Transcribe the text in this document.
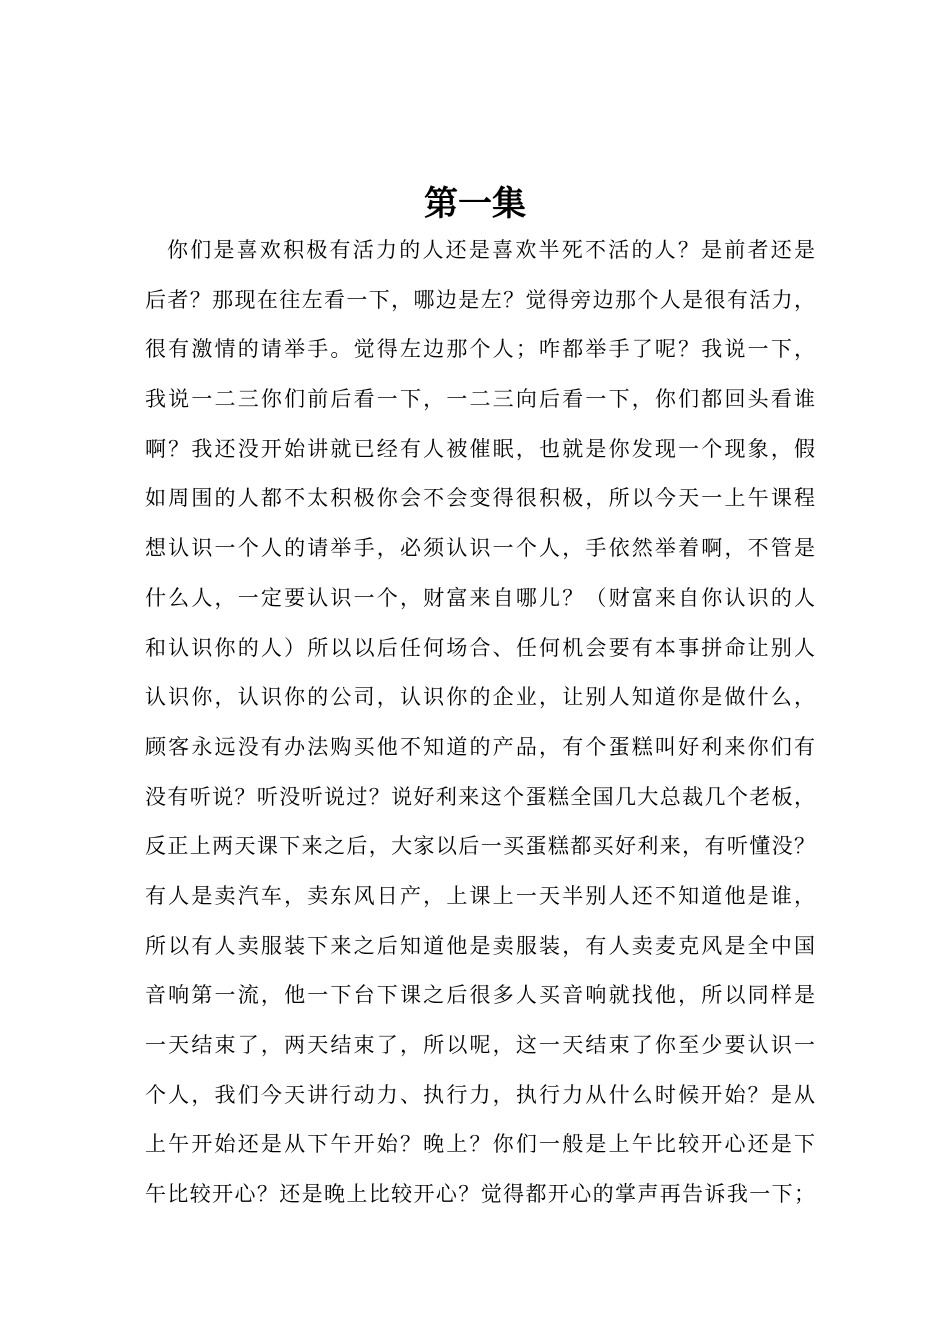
第一集
你们是喜欢积极有活力的人还是喜欢半死不活的人？是前者还是
后者？那现在往左看一下，哪边是左？觉得旁边那个人是很有活力，
很有激情的请举手。觉得左边那个人；咋都举手了呢？我说一下，
我说一二三你们前后看一下，一二三向后看一下，你们都回头看谁
啊？我还没开始讲就已经有人被催眠，也就是你发现一个现象，假
如周围的人都不太积极你会不会变得很积极，所以今天一上午课程
想认识一个人的请举手，必须认识一个人，手依然举着啊，不管是
什么人，一定要认识一个，财富来自哪儿？（财富来自你认识的人
和认识你的人）所以以后任何场合、任何机会要有本事拼命让别人
认识你，认识你的公司，认识你的企业，让别人知道你是做什么，
顾客永远没有办法购买他不知道的产品，有个蛋糕叫好利来你们有
没有听说？听没听说过？说好利来这个蛋糕全国几大总裁几个老板，
反正上两天课下来之后，大家以后一买蛋糕都买好利来，有听懂没？
有人是卖汽车，卖东风日产，上课上一天半别人还不知道他是谁，
所以有人卖服装下来之后知道他是卖服装，有人卖麦克风是全中国
音响第一流，他一下台下课之后很多人买音响就找他，所以同样是
一天结束了，两天结束了，所以呢，这一天结束了你至少要认识一
个人，我们今天讲行动力、执行力，执行力从什么时候开始？是从
上午开始还是从下午开始？晚上？你们一般是上午比较开心还是下
午比较开心？还是晚上比较开心？觉得都开心的掌声再告诉我一下；
